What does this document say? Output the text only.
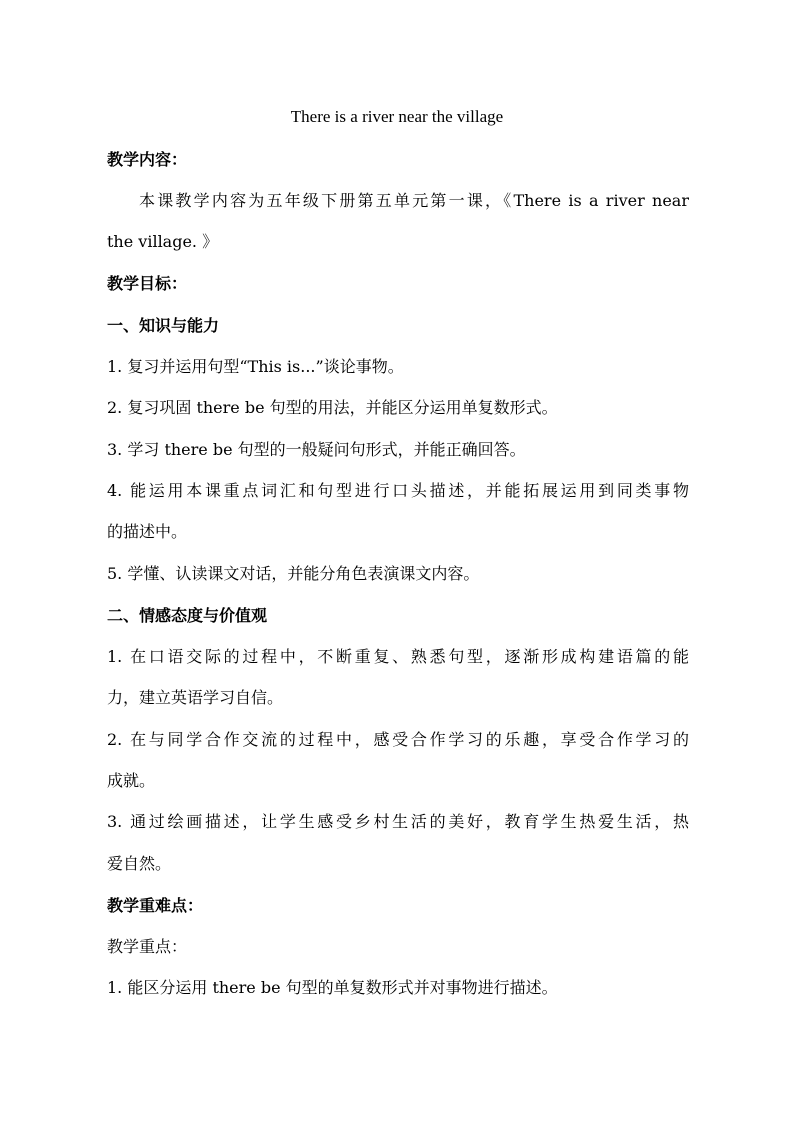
There is a river near the village
教学内容：
本课教学内容为五年级下册第五单元第一课，《There is a river near
the village. 》
教学目标：
一、知识与能力
1. 复习并运用句型“This is...”谈论事物。
2. 复习巩固 there be 句型的用法，并能区分运用单复数形式。
3. 学习 there be 句型的一般疑问句形式，并能正确回答。
4. 能运用本课重点词汇和句型进行口头描述，并能拓展运用到同类事物
的描述中。
5. 学懂、认读课文对话，并能分角色表演课文内容。
二、情感态度与价值观
1. 在口语交际的过程中，不断重复、熟悉句型，逐渐形成构建语篇的能
力，建立英语学习自信。
2. 在与同学合作交流的过程中，感受合作学习的乐趣，享受合作学习的
成就。
3. 通过绘画描述，让学生感受乡村生活的美好，教育学生热爱生活，热
爱自然。
教学重难点：
教学重点：
1. 能区分运用 there be 句型的单复数形式并对事物进行描述。
